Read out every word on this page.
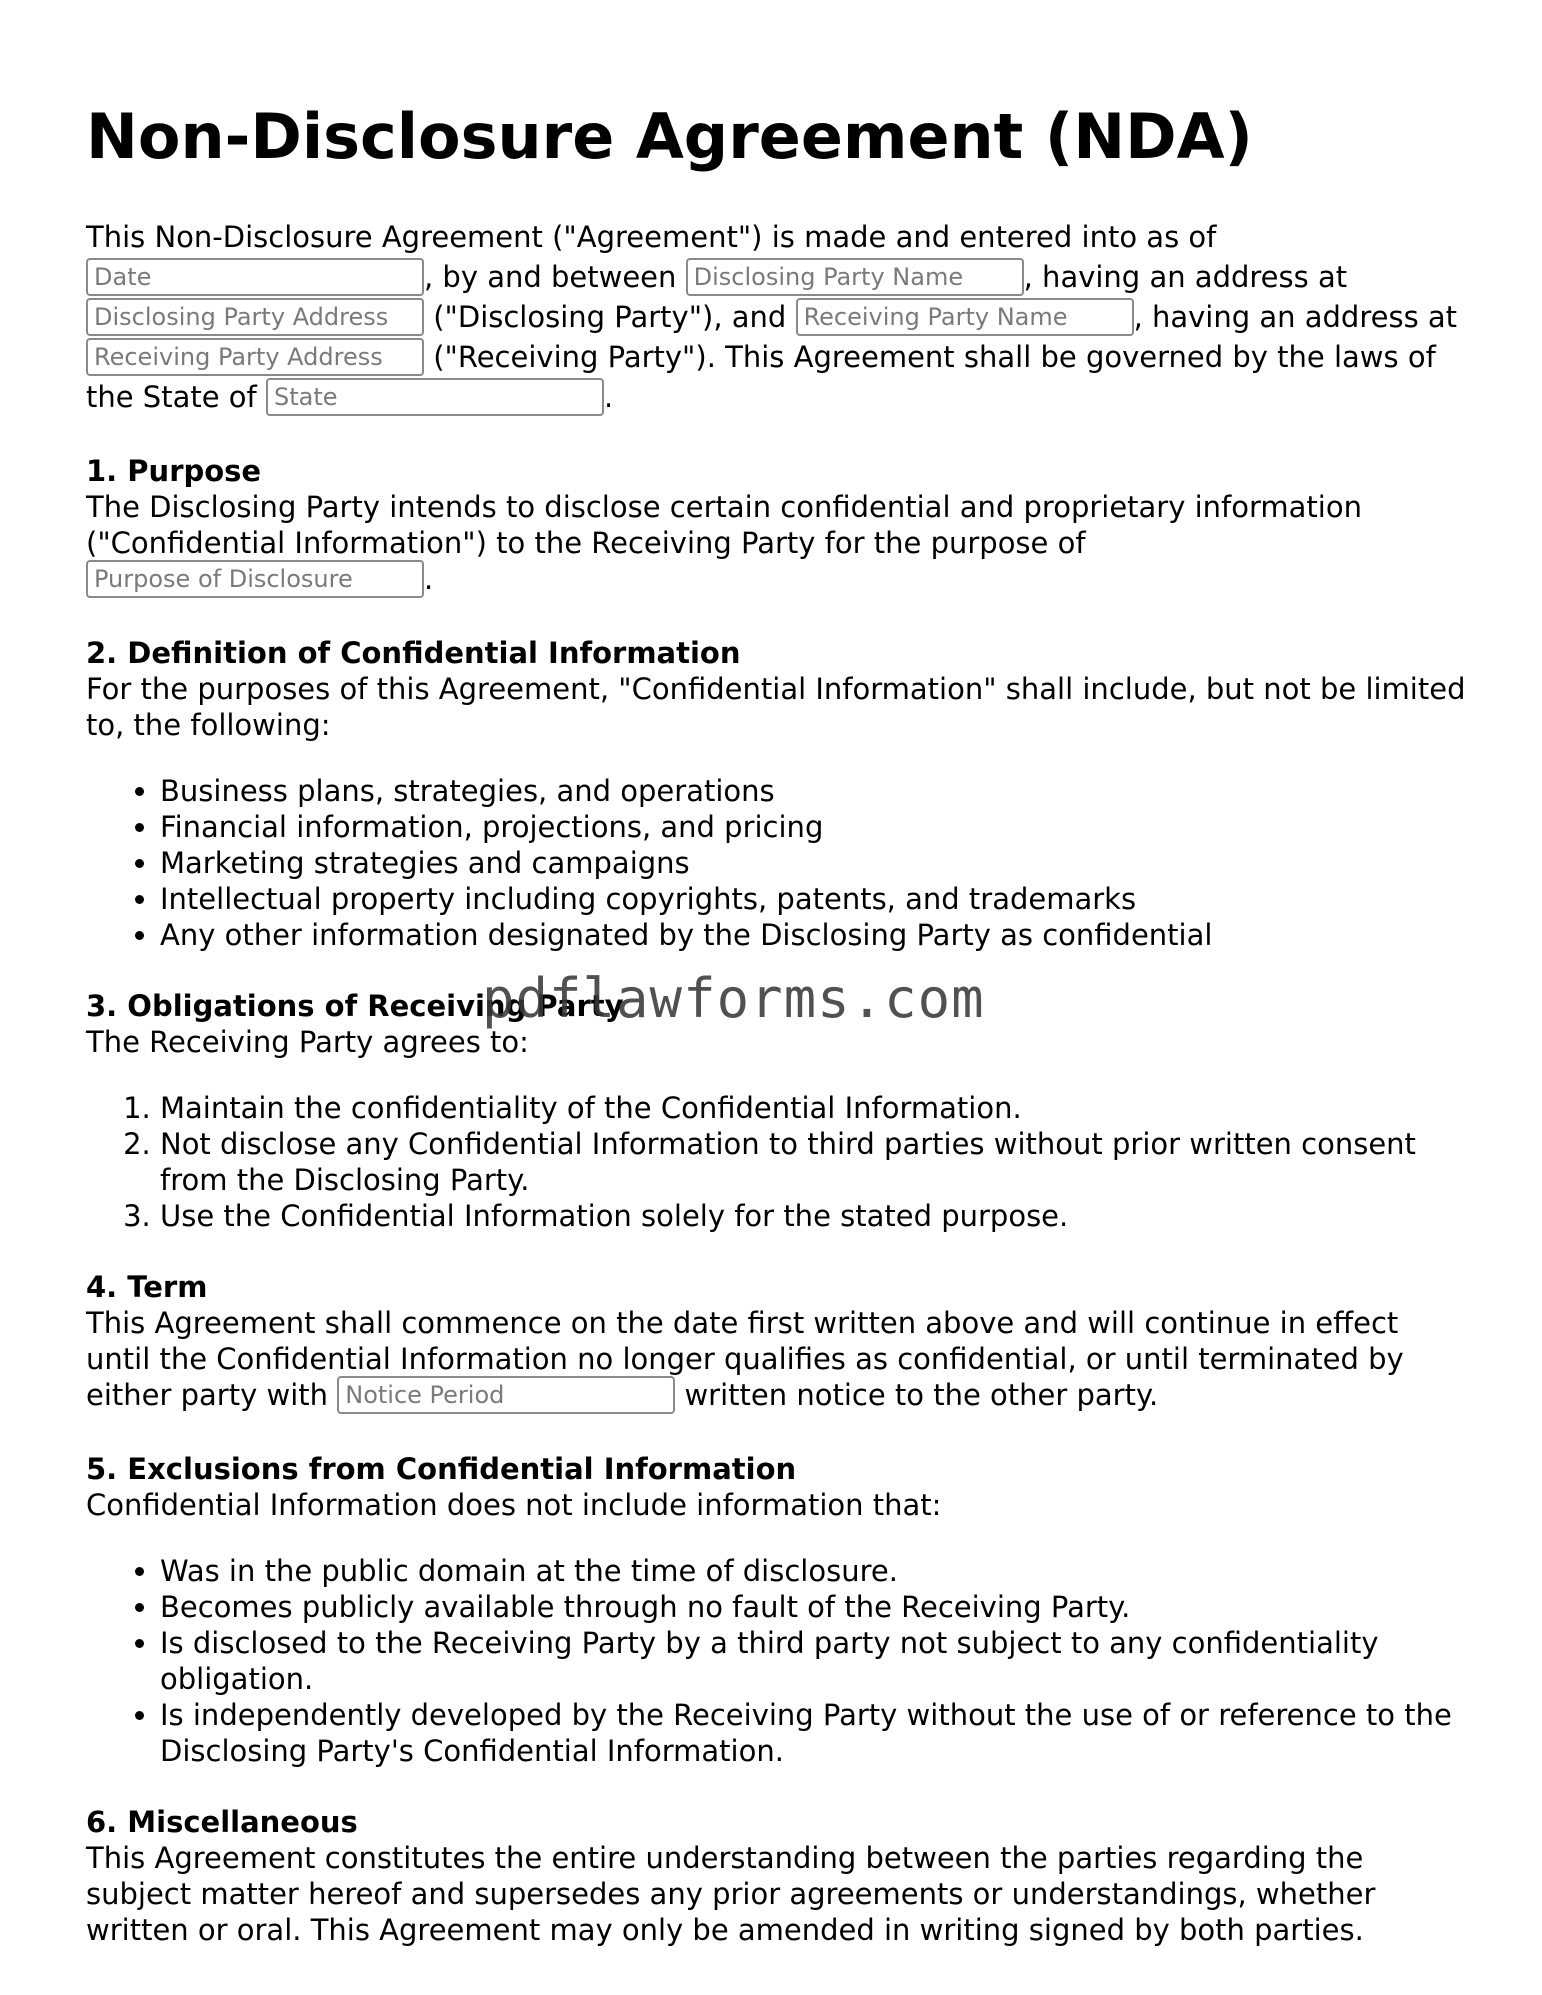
Non-Disclosure Agreement (NDA)

This Non-Disclosure Agreement ("Agreement") is made and entered into as of
Date, by and between Disclosing Party Name	, having an address at
Disclosing Party Address ("Disclosing Party"), and Receiving Party Name	, having an address at Receiving Party Address ("Receiving Party"). This Agreement shall be governed by the laws of the State of State	.

1. Purpose

The Disclosing Party intends to disclose certain confidential and proprietary information ("Confidential Information") to the Receiving Party for the purpose of
Purpose of Disclosure.

2. Definition of Confidential Information

For the purposes of this Agreement, "Confidential Information" shall include, but not be limited to, the following:

• Business plans, strategies, and operations
• Financial information, projections, and pricing
• Marketing strategies and campaigns
• Intellectual property including copyrights, patents, and trademarks
• Any other information designated by the Disclosing Party as confidential

3. Obligations of Receiving Party

The Receiving Party agrees to:

1. Maintain the confidentiality of the Confidential Information.
2. Not disclose any Confidential Information to third parties without prior written consent from the Disclosing Party.
3. Use the Confidential Information solely for the stated purpose.

4. Term

This Agreement shall commence on the date first written above and will continue in effect until the Confidential Information no longer qualifies as confidential, or until terminated by either party with Notice Period	written notice to the other party.

5. Exclusions from Confidential Information

Confidential Information does not include information that:

• Was in the public domain at the time of disclosure.
• Becomes publicly available through no fault of the Receiving Party.
• Is disclosed to the Receiving Party by a third party not subject to any confidentiality obligation.
• Is independently developed by the Receiving Party without the use of or reference to the Disclosing Party's Confidential Information.

6. Miscellaneous

This Agreement constitutes the entire understanding between the parties regarding the subject matter hereof and supersedes any prior agreements or understandings, whether written or oral. This Agreement may only be amended in writing signed by both parties.

pdflawforms.com
